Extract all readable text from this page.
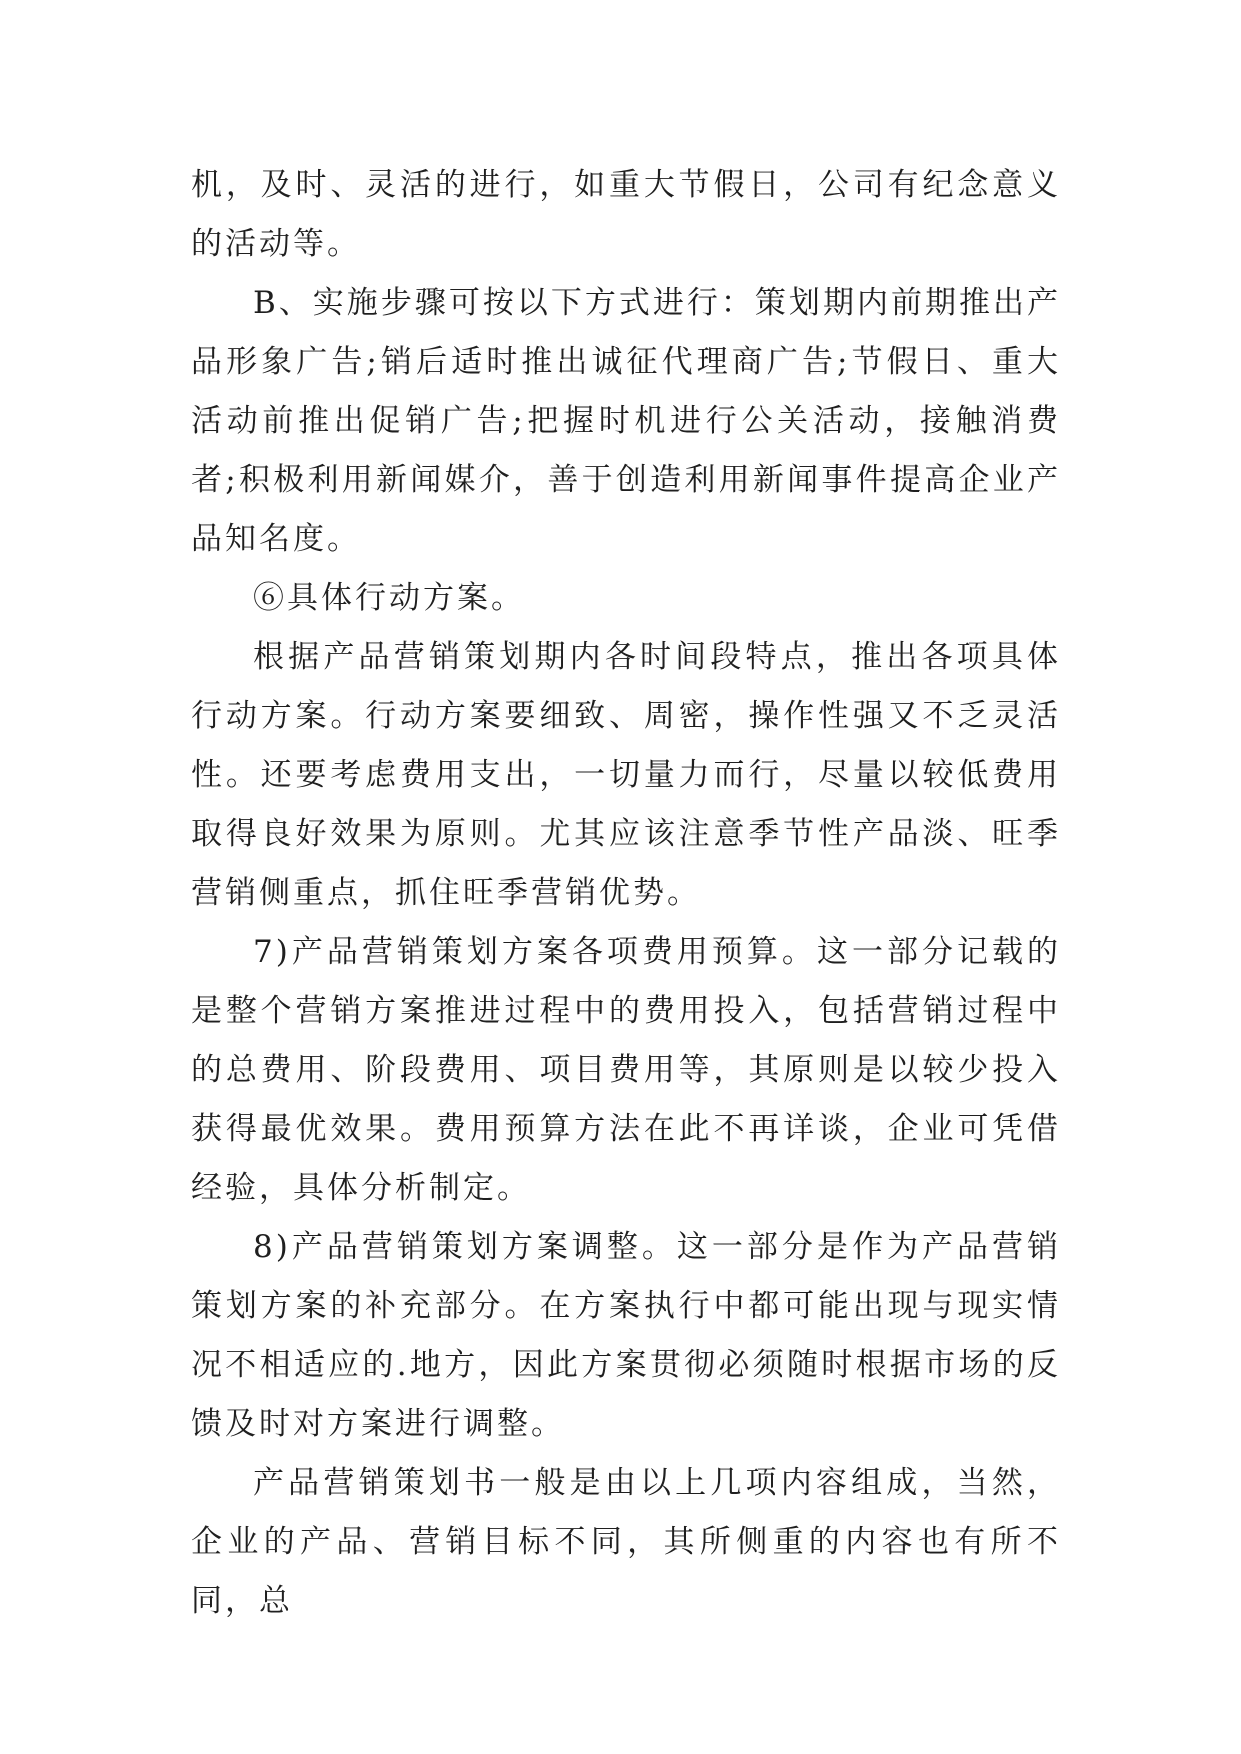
机，及时、灵活的进行，如重大节假日，公司有纪念意义的活动等。

B、实施步骤可按以下方式进行：策划期内前期推出产品形象广告;销后适时推出诚征代理商广告;节假日、重大活动前推出促销广告;把握时机进行公关活动，接触消费者;积极利用新闻媒介，善于创造利用新闻事件提高企业产品知名度。

⑥具体行动方案。

根据产品营销策划期内各时间段特点，推出各项具体行动方案。行动方案要细致、周密，操作性强又不乏灵活性。还要考虑费用支出，一切量力而行，尽量以较低费用取得良好效果为原则。尤其应该注意季节性产品淡、旺季营销侧重点，抓住旺季营销优势。

7)产品营销策划方案各项费用预算。这一部分记载的是整个营销方案推进过程中的费用投入，包括营销过程中的总费用、阶段费用、项目费用等，其原则是以较少投入获得最优效果。费用预算方法在此不再详谈，企业可凭借经验，具体分析制定。

8)产品营销策划方案调整。这一部分是作为产品营销策划方案的补充部分。在方案执行中都可能出现与现实情况不相适应的.地方，因此方案贯彻必须随时根据市场的反馈及时对方案进行调整。

产品营销策划书一般是由以上几项内容组成，当然，企业的产品、营销目标不同，其所侧重的内容也有所不同，总
